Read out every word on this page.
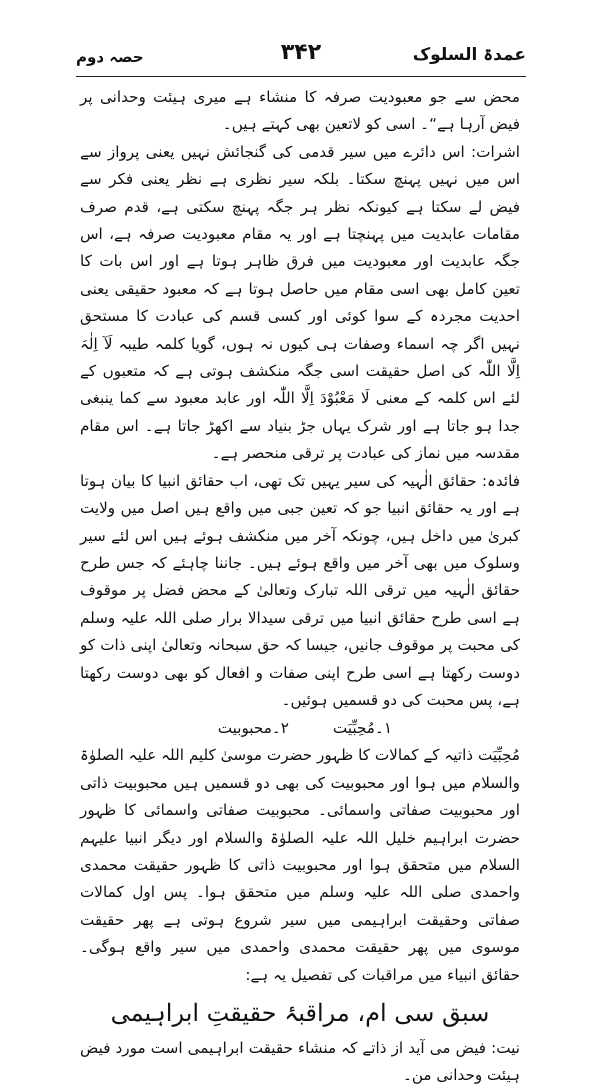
عمدۃ السلوک
۳۴۲
حصہ دوم

محض سے جو معبودیت صرفہ کا منشاء ہے میری ہیئت وحدانی پر فیض آرہا ہے“۔ اسی کو لاتعین بھی کہتے ہیں۔

اشرات: اس دائرے میں سیر قدمی کی گنجائش نہیں یعنی پرواز سے اس میں نہیں پہنچ سکتا۔ بلکہ سیر نظری ہے نظر یعنی فکر سے فیض لے سکتا ہے کیونکہ نظر ہر جگہ پہنچ سکتی ہے، قدم صرف مقامات عابدیت میں پہنچتا ہے اور یہ مقام معبودیت صرفہ ہے، اس جگہ عابدیت اور معبودیت میں فرق ظاہر ہوتا ہے اور اس بات کا تعین کامل بھی اسی مقام میں حاصل ہوتا ہے کہ معبود حقیقی یعنی احدیت مجردہ کے سوا کوئی اور کسی قسم کی عبادت کا مستحق نہیں اگر چہ اسماء وصفات ہی کیوں نہ ہوں، گویا کلمہ طیبہ لَآ اِلٰہَ اِلَّا اللّٰہ کی اصل حقیقت اسی جگہ منکشف ہوتی ہے کہ متعبوں کے لئے اس کلمہ کے معنی لَا مَعْبُوْدَ اِلَّا اللّٰہ اور عابد معبود سے کما ینبغی جدا ہو جاتا ہے اور شرک یہاں جڑ بنیاد سے اکھڑ جاتا ہے۔ اس مقام مقدسہ میں نماز کی عبادت پر ترقی منحصر ہے۔

فائدہ: حقائق الٰہیہ کی سیر یہیں تک تھی، اب حقائق انبیا کا بیان ہوتا ہے اور یہ حقائق انبیا جو کہ تعین جبی میں واقع ہیں اصل میں ولایت کبریٰ میں داخل ہیں، چونکہ آخر میں منکشف ہوئے ہیں اس لئے سیر وسلوک میں بھی آخر میں واقع ہوئے ہیں۔ جاننا چاہئے کہ جس طرح حقائق الٰہیہ میں ترقی اللہ تبارک وتعالیٰ کے محض فضل پر موقوف ہے اسی طرح حقائق انبیا میں ترقی سیدالا برار صلی اللہ علیہ وسلم کی محبت پر موقوف جانیں، جیسا کہ حق سبحانہ وتعالیٰ اپنی ذات کو دوست رکھتا ہے اسی طرح اپنی صفات و افعال کو بھی دوست رکھتا ہے، پس محبت کی دو قسمیں ہوئیں۔

۱۔مُحِبِّیَت
۲۔محبوبیت

مُحِبِّیَت ذاتیہ کے کمالات کا ظہور حضرت موسیٰ کلیم اللہ علیہ الصلوٰۃ والسلام میں ہوا اور محبوبیت کی بھی دو قسمیں ہیں محبوبیت ذاتی اور محبوبیت صفاتی واسمائی۔ محبوبیت صفاتی واسمائی کا ظہور حضرت ابراہیم خلیل اللہ علیہ الصلوٰۃ والسلام اور دیگر انبیا علیہم السلام میں متحقق ہوا اور محبوبیت ذاتی کا ظہور حقیقت محمدی واحمدی صلی اللہ علیہ وسلم میں متحقق ہوا۔ پس اول کمالات صفاتی وحقیقت ابراہیمی میں سیر شروع ہوتی ہے پھر حقیقت موسوی میں پھر حقیقت محمدی واحمدی میں سیر واقع ہوگی۔ حقائق انبیاء میں مراقبات کی تفصیل یہ ہے:

سبق سی ام، مراقبۂ حقیقتِ ابراہیمی

نیت: فیض می آید از ذاتے کہ منشاء حقیقت ابراہیمی است مورد فیض ہیئت وحدانی من۔
